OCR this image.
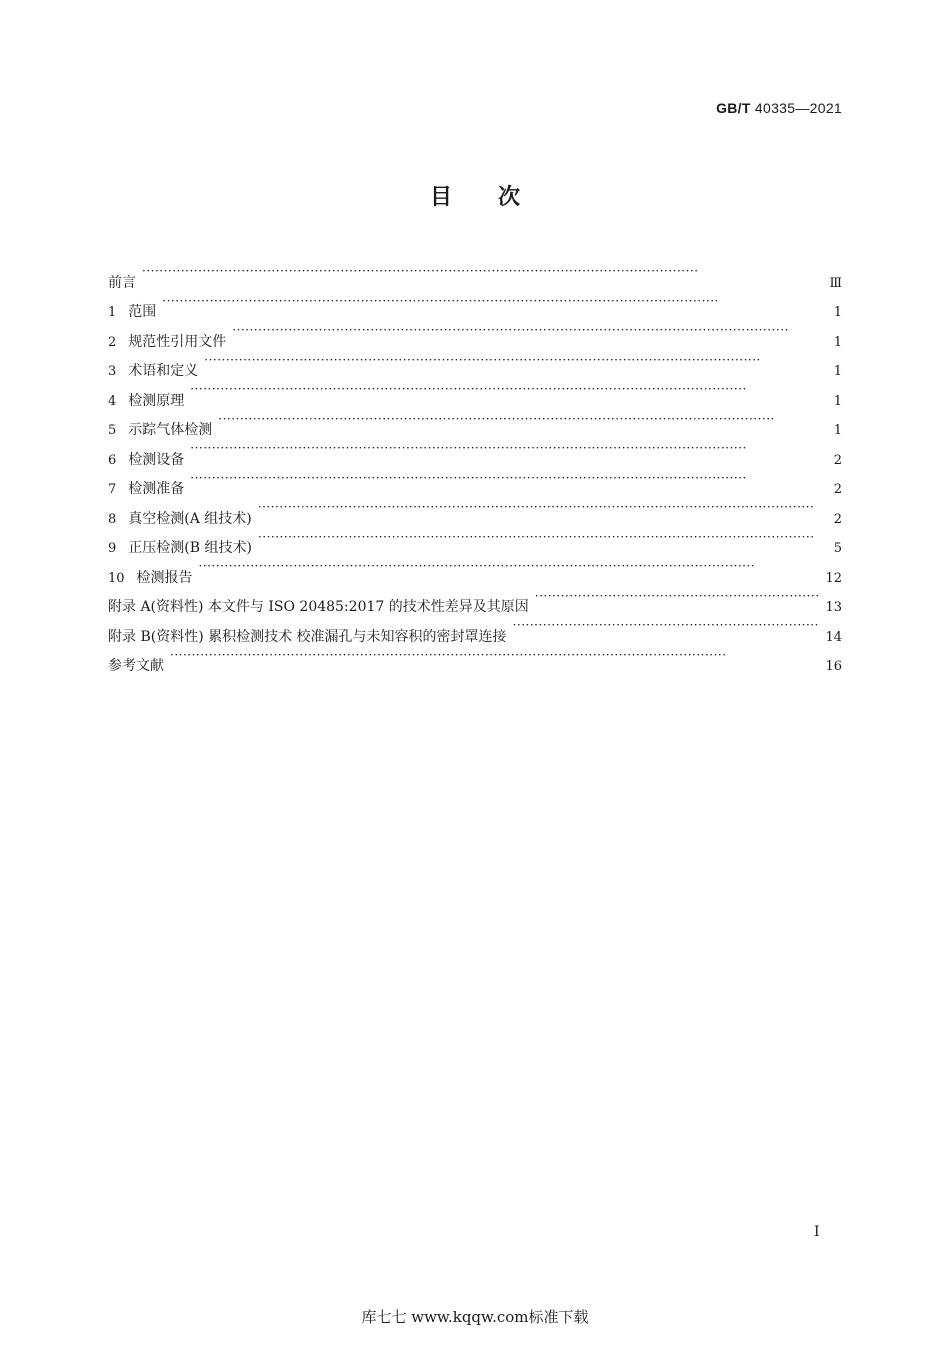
GB/T 40335—2021
目 次
前言 ·····	Ⅲ
1 范围 ·····	1
2 规范性引用文件 ·····	1
3 术语和定义 ·····	1
4 检测原理 ·····	1
5 示踪气体检测 ·····	1
6 检测设备 ·····	2
7 检测准备 ·····	2
8 真空检测(A 组技术) ·····	2
9 正压检测(B 组技术) ·····	5
10 检测报告 ·····	12
附录 A(资料性) 本文件与 ISO 20485:2017 的技术性差异及其原因 ·····	13
附录 B(资料性) 累积检测技术 校准漏孔与未知容积的密封罩连接 ·····	14
参考文献 ·····	16
I
库七七 www.kqqw.com标准下载
